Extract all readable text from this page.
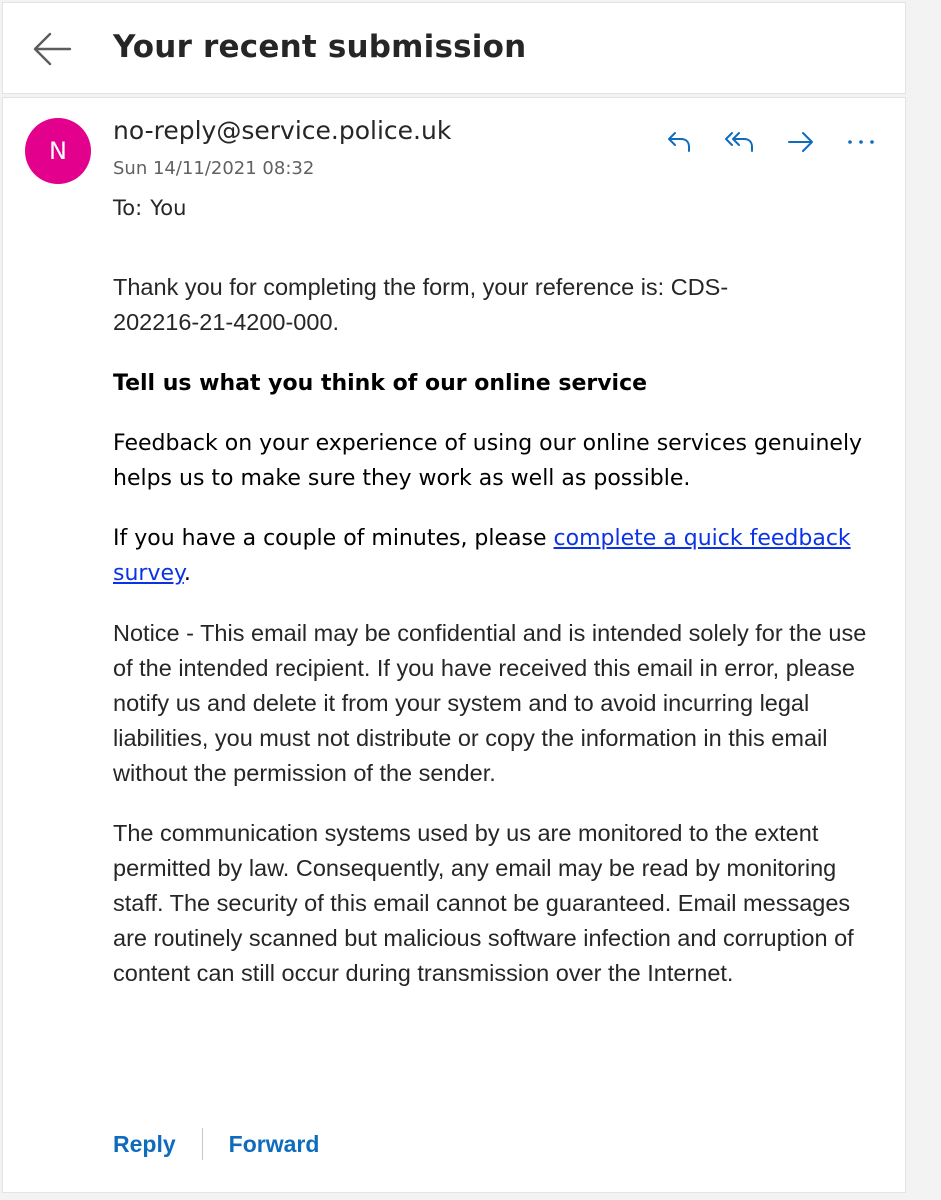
Your recent submission
N
no-reply@service.police.uk
Sun 14/11/2021 08:32
To: You

Thank you for completing the form, your reference is: CDS-
202216-21-4200-000.

Tell us what you think of our online service

Feedback on your experience of using our online services genuinely helps us to make sure they work as well as possible.

If you have a couple of minutes, please complete a quick feedback survey.

Notice - This email may be confidential and is intended solely for the use of the intended recipient. If you have received this email in error, please notify us and delete it from your system and to avoid incurring legal liabilities, you must not distribute or copy the information in this email without the permission of the sender.

The communication systems used by us are monitored to the extent permitted by law. Consequently, any email may be read by monitoring staff. The security of this email cannot be guaranteed. Email messages are routinely scanned but malicious software infection and corruption of content can still occur during transmission over the Internet.

Reply Forward
